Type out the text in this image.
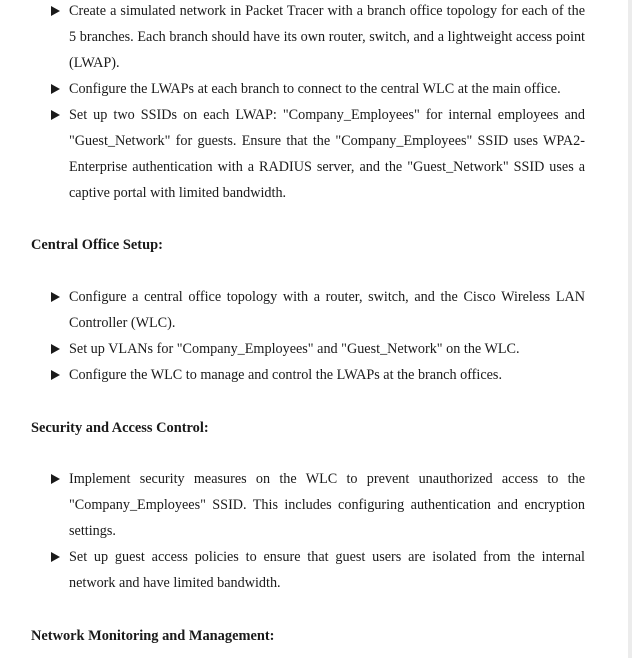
Create a simulated network in Packet Tracer with a branch office topology for each of the 5 branches. Each branch should have its own router, switch, and a lightweight access point (LWAP).
Configure the LWAPs at each branch to connect to the central WLC at the main office.
Set up two SSIDs on each LWAP: "Company_Employees" for internal employees and "Guest_Network" for guests. Ensure that the "Company_Employees" SSID uses WPA2-Enterprise authentication with a RADIUS server, and the "Guest_Network" SSID uses a captive portal with limited bandwidth.
Central Office Setup:
Configure a central office topology with a router, switch, and the Cisco Wireless LAN Controller (WLC).
Set up VLANs for "Company_Employees" and "Guest_Network" on the WLC.
Configure the WLC to manage and control the LWAPs at the branch offices.
Security and Access Control:
Implement security measures on the WLC to prevent unauthorized access to the "Company_Employees" SSID. This includes configuring authentication and encryption settings.
Set up guest access policies to ensure that guest users are isolated from the internal network and have limited bandwidth.
Network Monitoring and Management:
